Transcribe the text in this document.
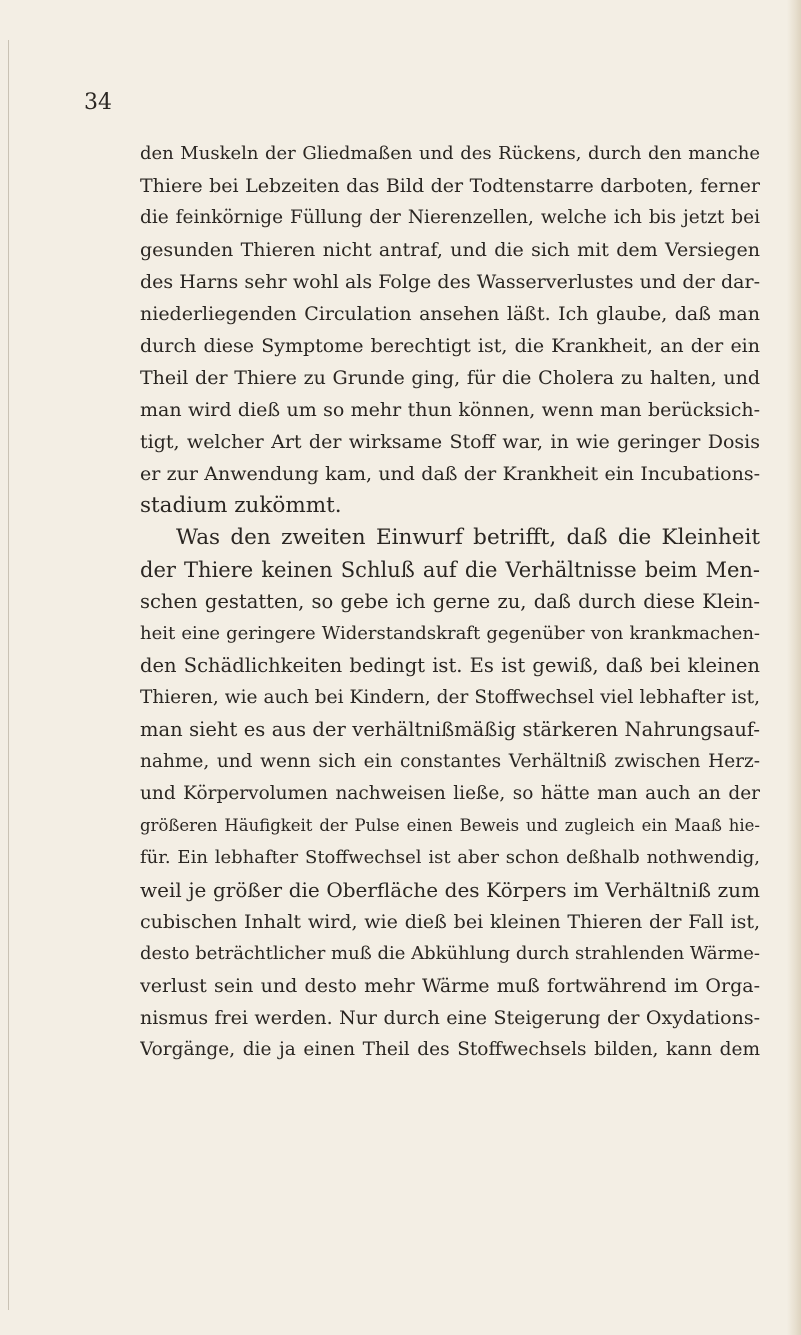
34
den Muskeln der Gliedmaßen und des Rückens, durch den manche
Thiere bei Lebzeiten das Bild der Todtenstarre darboten, ferner
die feinkörnige Füllung der Nierenzellen, welche ich bis jetzt bei
gesunden Thieren nicht antraf, und die sich mit dem Versiegen
des Harns sehr wohl als Folge des Wasserverlustes und der dar-
niederliegenden Circulation ansehen läßt. Ich glaube, daß man
durch diese Symptome berechtigt ist, die Krankheit, an der ein
Theil der Thiere zu Grunde ging, für die Cholera zu halten, und
man wird dieß um so mehr thun können, wenn man berücksich-
tigt, welcher Art der wirksame Stoff war, in wie geringer Dosis
er zur Anwendung kam, und daß der Krankheit ein Incubations-
stadium zukömmt.
Was den zweiten Einwurf betrifft, daß die Kleinheit
der Thiere keinen Schluß auf die Verhältnisse beim Men-
schen gestatten, so gebe ich gerne zu, daß durch diese Klein-
heit eine geringere Widerstandskraft gegenüber von krankmachen-
den Schädlichkeiten bedingt ist. Es ist gewiß, daß bei kleinen
Thieren, wie auch bei Kindern, der Stoffwechsel viel lebhafter ist,
man sieht es aus der verhältnißmäßig stärkeren Nahrungsauf-
nahme, und wenn sich ein constantes Verhältniß zwischen Herz-
und Körpervolumen nachweisen ließe, so hätte man auch an der
größeren Häufigkeit der Pulse einen Beweis und zugleich ein Maaß hie-
für. Ein lebhafter Stoffwechsel ist aber schon deßhalb nothwendig,
weil je größer die Oberfläche des Körpers im Verhältniß zum
cubischen Inhalt wird, wie dieß bei kleinen Thieren der Fall ist,
desto beträchtlicher muß die Abkühlung durch strahlenden Wärme-
verlust sein und desto mehr Wärme muß fortwährend im Orga-
nismus frei werden. Nur durch eine Steigerung der Oxydations-
Vorgänge, die ja einen Theil des Stoffwechsels bilden, kann dem
